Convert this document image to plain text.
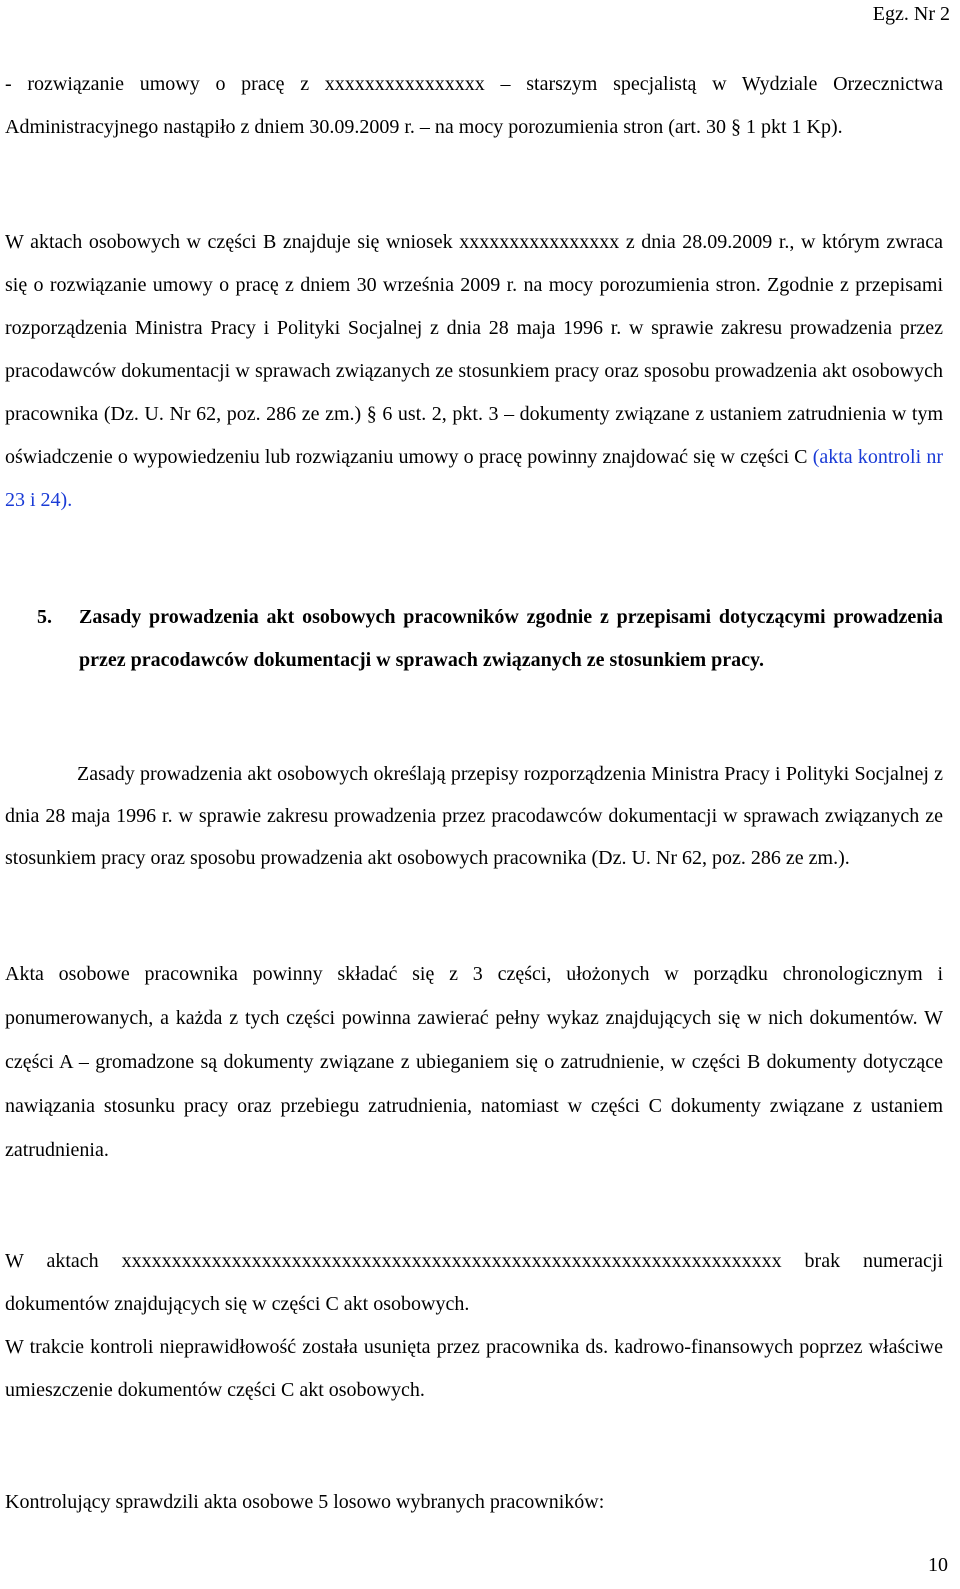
Egz. Nr 2

- rozwiązanie umowy o pracę z xxxxxxxxxxxxxxxx – starszym specjalistą w Wydziale Orzecznictwa Administracyjnego nastąpiło z dniem 30.09.2009 r. – na mocy porozumienia stron (art. 30 § 1 pkt 1 Kp).

W aktach osobowych w części B znajduje się wniosek xxxxxxxxxxxxxxxx z dnia 28.09.2009 r., w którym zwraca się o rozwiązanie umowy o pracę z dniem 30 września 2009 r. na mocy porozumienia stron. Zgodnie z przepisami rozporządzenia Ministra Pracy i Polityki Socjalnej z dnia 28 maja 1996 r. w sprawie zakresu prowadzenia przez pracodawców dokumentacji w sprawach związanych ze stosunkiem pracy oraz sposobu prowadzenia akt osobowych pracownika (Dz. U. Nr 62, poz. 286 ze zm.) § 6 ust. 2, pkt. 3 – dokumenty związane z ustaniem zatrudnienia w tym oświadczenie o wypowiedzeniu lub rozwiązaniu umowy o pracę powinny znajdować się w części C (akta kontroli nr 23 i 24).

5. Zasady prowadzenia akt osobowych pracowników zgodnie z przepisami dotyczącymi prowadzenia przez pracodawców dokumentacji w sprawach związanych ze stosunkiem pracy.

Zasady prowadzenia akt osobowych określają przepisy rozporządzenia Ministra Pracy i Polityki Socjalnej z dnia 28 maja 1996 r. w sprawie zakresu prowadzenia przez pracodawców dokumentacji w sprawach związanych ze stosunkiem pracy oraz sposobu prowadzenia akt osobowych pracownika (Dz. U. Nr 62, poz. 286 ze zm.).

Akta osobowe pracownika powinny składać się z 3 części, ułożonych w porządku chronologicznym i ponumerowanych, a każda z tych części powinna zawierać pełny wykaz znajdujących się w nich dokumentów. W części A – gromadzone są dokumenty związane z ubieganiem się o zatrudnienie, w części B dokumenty dotyczące nawiązania stosunku pracy oraz przebiegu zatrudnienia, natomiast w części C dokumenty związane z ustaniem zatrudnienia.

W aktach xxxxxxxxxxxxxxxxxxxxxxxxxxxxxxxxxxxxxxxxxxxxxxxxxxxxxxxxxxxxxxxxxx brak numeracji dokumentów znajdujących się w części C akt osobowych.

W trakcie kontroli nieprawidłowość została usunięta przez pracownika ds. kadrowo-finansowych poprzez właściwe umieszczenie dokumentów części C akt osobowych.

Kontrolujący sprawdzili akta osobowe 5 losowo wybranych pracowników:

10
